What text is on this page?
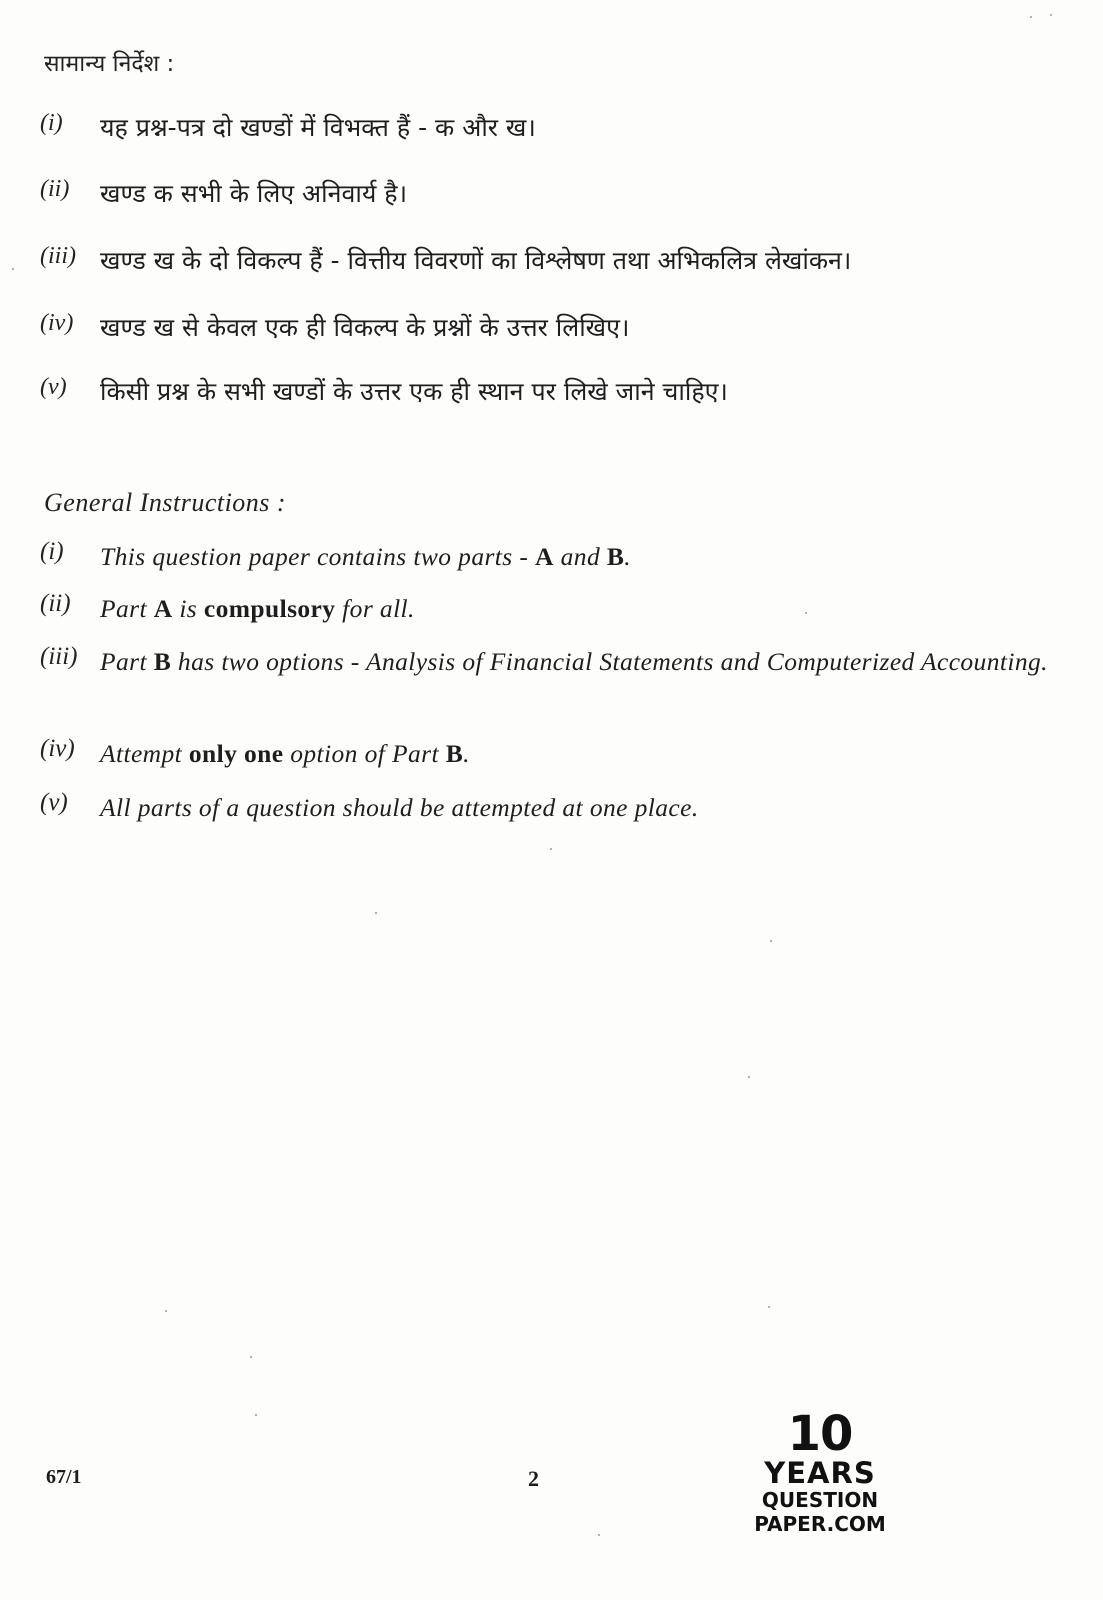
सामान्य निर्देश :
(i)	यह प्रश्न-पत्र दो खण्डों में विभक्त हैं - क और ख।
(ii)	खण्ड क सभी के लिए अनिवार्य है।
(iii) खण्ड ख के दो विकल्प हैं - वित्तीय विवरणों का विश्लेषण तथा अभिकलित्र लेखांकन।
(iv)	खण्ड ख से केवल एक ही विकल्प के प्रश्नों के उत्तर लिखिए।
(v)	किसी प्रश्न के सभी खण्डों के उत्तर एक ही स्थान पर लिखे जाने चाहिए।
General Instructions :
(i)	This question paper contains two parts - A and B.
(ii)	Part A is compulsory for all.
(iii) Part B has two options - Analysis of Financial Statements and Computerized Accounting.
(iv) Attempt only one option of Part B.
(v)	All parts of a question should be attempted at one place.
67/1	2
10
YEARS
QUESTION PAPER.COM
